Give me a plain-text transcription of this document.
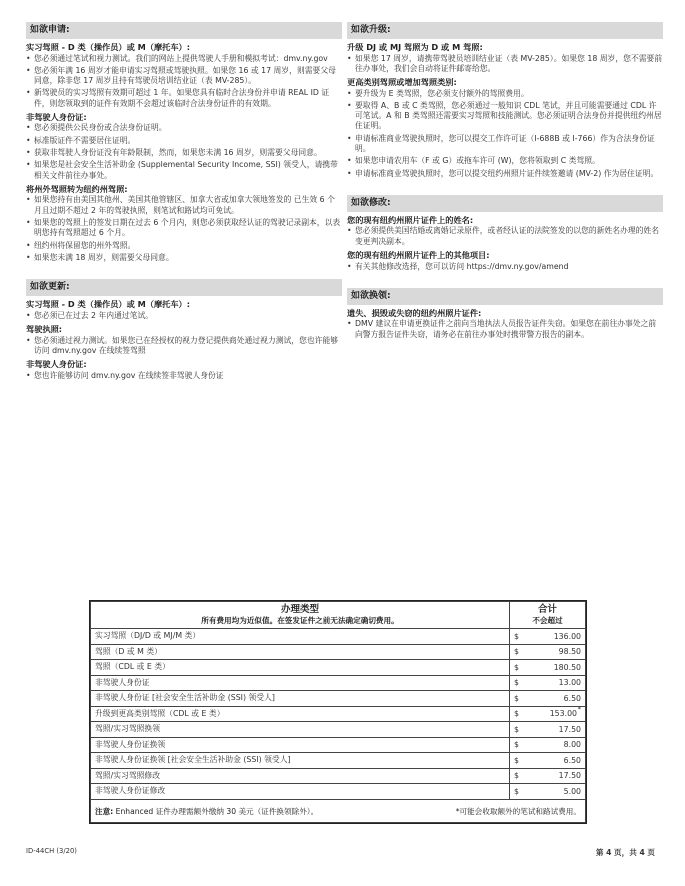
如欲申请:
实习驾照 - D 类（操作员）或 M（摩托车）:
• 您必须通过笔试和视力测试。我们的网站上提供驾驶人手册和模拟考试：dmv.ny.gov
• 您必须年满 16 周岁才能申请实习驾照或驾驶执照。如果您 16 或 17 周岁，则需要父母同意，除非您 17 周岁且持有驾驶员培训结业证（表 MV-285）。
• 新驾驶员的实习驾照有效期可超过 1 年。如果您具有临时合法身份并申请 REAL ID 证件，则您领取到的证件有效期不会超过该临时合法身份证件的有效期。
非驾驶人身份证:
• 您必须提供公民身份或合法身份证明。
• 标准版证件不需要居住证明。
• 获取非驾驶人身份证没有年龄限制，然而，如果您未满 16 周岁，则需要父母同意。
• 如果您是社会安全生活补助金 (Supplemental Security Income, SSI) 领受人，请携带相关文件前往办事处。
将州外驾照转为纽约州驾照:
• 如果您持有由美国其他州、美国其他管辖区、加拿大省或加拿大领地签发的 已生效 6 个月且过期不超过 2 年的驾驶执照，则笔试和路试均可免试。
• 如果您的驾照上的签发日期在过去 6 个月内，则您必须获取经认证的驾驶记录副本，以表明您持有驾照超过 6 个月。
• 纽约州将保留您的州外驾照。
• 如果您未满 18 周岁，则需要父母同意。
如欲更新:
实习驾照 - D 类（操作员）或 M（摩托车）:
• 您必须已在过去 2 年内通过笔试。
驾驶执照:
• 您必须通过视力测试。如果您已在经授权的视力登记提供商处通过视力测试，您也许能够访问 dmv.ny.gov 在线续签驾照
非驾驶人身份证:
• 您也许能够访问 dmv.ny.gov 在线续签非驾驶人身份证
如欲升级:
升级 DJ 或 MJ 驾照为 D 或 M 驾照:
• 如果您 17 周岁，请携带驾驶员培训结业证（表 MV-285）。如果您 18 周岁，您不需要前往办事处，我们会自动将证件邮寄给您。
更高类别驾照或增加驾照类别:
• 要升级为 E 类驾照，您必须支付额外的驾照费用。
• 要取得 A、B 或 C 类驾照，您必须通过一般知识 CDL 笔试，并且可能需要通过 CDL 许可笔试。A 和 B 类驾照还需要实习驾照和技能测试。您必须证明合法身份并提供纽约州居住证明。
• 申请标准商业驾驶执照时，您可以提交工作许可证（I-688B 或 I-766）作为合法身份证明。
• 如果您申请农用车（F 或 G）或拖车许可 (W)，您将领取到 C 类驾照。
• 申请标准商业驾驶执照时，您可以提交纽约州照片证件续签邀请 (MV-2) 作为居住证明。
如欲修改:
您的现有纽约州照片证件上的姓名:
• 您必须提供美国结婚或离婚记录原件，或者经认证的法院签发的以您的新姓名办理的姓名变更判决副本。
您的现有纽约州照片证件上的其他项目:
• 有关其他修改选择，您可以访问 https://dmv.ny.gov/amend
如欲换领:
遗失、损毁或失窃的纽约州照片证件:
• DMV 建议在申请更换证件之前向当地执法人员报告证件失窃。如果您在前往办事处之前向警方报告证件失窃，请务必在前往办事处时携带警方报告的副本。
办理类型
所有费用均为近似值。在签发证件之前无法确定确切费用。	合计
不会超过

实习驾照（DJ/D 或 MJ/M 类）	$ 136.00

驾照（D 或 M 类）	$ 98.50

驾照（CDL 或 E 类）	$ 180.50

非驾驶人身份证	$ 13.00

非驾驶人身份证 [社会安全生活补助金 (SSI) 领受人]	$ 6.50

升级到更高类别驾照（CDL 或 E 类）	$ 153.00
*

驾照/实习驾照换领	$ 17.50

非驾驶人身份证换领	$ 8.00

非驾驶人身份证换领 [社会安全生活补助金 (SSI) 领受人]	$ 6.50

驾照/实习驾照修改	$ 17.50

非驾驶人身份证修改	$ 5.00

注意: Enhanced 证件办理需额外缴纳 30 美元（证件换领除外）。 *可能会收取额外的笔试和路试费用。	
ID-44CH (3/20)	第 4 页，共 4 页
